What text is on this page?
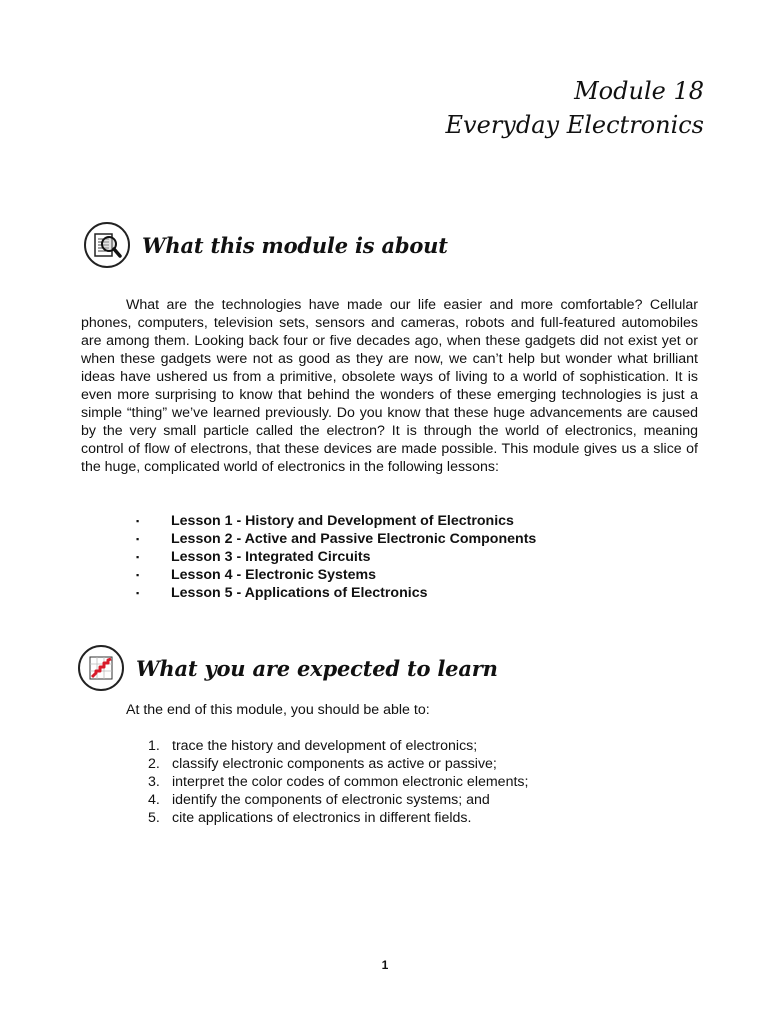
Module 18
Everyday Electronics
What this module is about

What are the technologies have made our life easier and more comfortable? Cellular phones, computers, television sets, sensors and cameras, robots and full-featured automobiles are among them. Looking back four or five decades ago, when these gadgets did not exist yet or when these gadgets were not as good as they are now, we can’t help but wonder what brilliant ideas have ushered us from a primitive, obsolete ways of living to a world of sophistication. It is even more surprising to know that behind the wonders of these emerging technologies is just a simple “thing” we’ve learned previously. Do you know that these huge advancements are caused by the very small particle called the electron? It is through the world of electronics, meaning control of flow of electrons, that these devices are made possible. This module gives us a slice of the huge, complicated world of electronics in the following lessons:

▪	Lesson 1 - History and Development of Electronics
▪	Lesson 2 - Active and Passive Electronic Components
▪	Lesson 3 - Integrated Circuits
▪	Lesson 4 - Electronic Systems
▪	Lesson 5 - Applications of Electronics
What you are expected to learn
At the end of this module, you should be able to:
1. trace the history and development of electronics;
2. classify electronic components as active or passive;
3. interpret the color codes of common electronic elements;
4. identify the components of electronic systems; and
5. cite applications of electronics in different fields.
1
